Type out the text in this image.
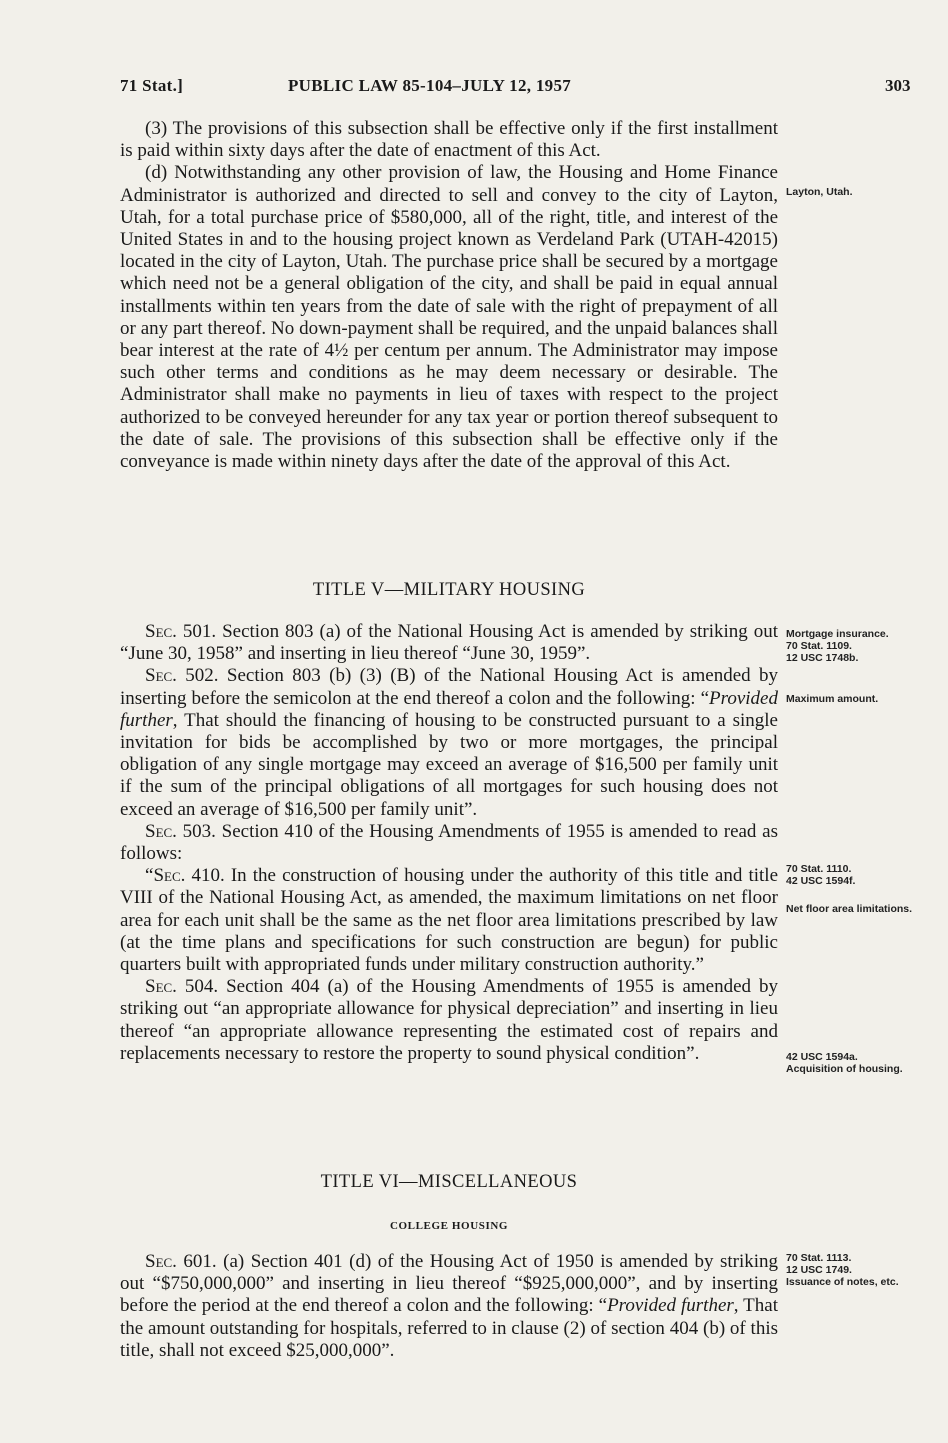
71 Stat.]	PUBLIC LAW 85-104–JULY 12, 1957	303

(3) The provisions of this subsection shall be effective only if the first installment is paid within sixty days after the date of enactment of this Act.

(d) Notwithstanding any other provision of law, the Housing and Home Finance Administrator is authorized and directed to sell and convey to the city of Layton, Utah, for a total purchase price of $580,000, all of the right, title, and interest of the United States in and to the housing project known as Verdeland Park (UTAH-42015) located in the city of Layton, Utah. The purchase price shall be secured by a mortgage which need not be a general obligation of the city, and shall be paid in equal annual installments within ten years from the date of sale with the right of prepayment of all or any part thereof. No down-payment shall be required, and the unpaid balances shall bear interest at the rate of 4½ per centum per annum. The Administrator may impose such other terms and conditions as he may deem necessary or desirable. The Administrator shall make no payments in lieu of taxes with respect to the project authorized to be conveyed hereunder for any tax year or portion thereof subsequent to the date of sale. The provisions of this subsection shall be effective only if the conveyance is made within ninety days after the date of the approval of this Act.

TITLE V—MILITARY HOUSING

Sec. 501. Section 803 (a) of the National Housing Act is amended by striking out “June 30, 1958” and inserting in lieu thereof “June 30, 1959”.

Sec. 502. Section 803 (b) (3) (B) of the National Housing Act is amended by inserting before the semicolon at the end thereof a colon and the following: “Provided further, That should the financing of housing to be constructed pursuant to a single invitation for bids be accomplished by two or more mortgages, the principal obligation of any single mortgage may exceed an average of $16,500 per family unit if the sum of the principal obligations of all mortgages for such housing does not exceed an average of $16,500 per family unit”.

Sec. 503. Section 410 of the Housing Amendments of 1955 is amended to read as follows:

“Sec. 410. In the construction of housing under the authority of this title and title VIII of the National Housing Act, as amended, the maximum limitations on net floor area for each unit shall be the same as the net floor area limitations prescribed by law (at the time plans and specifications for such construction are begun) for public quarters built with appropriated funds under military construction authority.”

Sec. 504. Section 404 (a) of the Housing Amendments of 1955 is amended by striking out “an appropriate allowance for physical depreciation” and inserting in lieu thereof “an appropriate allowance representing the estimated cost of repairs and replacements necessary to restore the property to sound physical condition”.

TITLE VI—MISCELLANEOUS
COLLEGE HOUSING

Sec. 601. (a) Section 401 (d) of the Housing Act of 1950 is amended by striking out “$750,000,000” and inserting in lieu thereof “$925,000,000”, and by inserting before the period at the end thereof a colon and the following: “Provided further, That the amount outstanding for hospitals, referred to in clause (2) of section 404 (b) of this title, shall not exceed $25,000,000”.

Layton, Utah.
Mortgage insurance.
70 Stat. 1109.
12 USC 1748b.
Maximum amount.
70 Stat. 1110.
42 USC 1594f.
Net floor area limitations.
42 USC 1594a.
Acquisition of housing.
70 Stat. 1113.
12 USC 1749.
Issuance of notes, etc.
